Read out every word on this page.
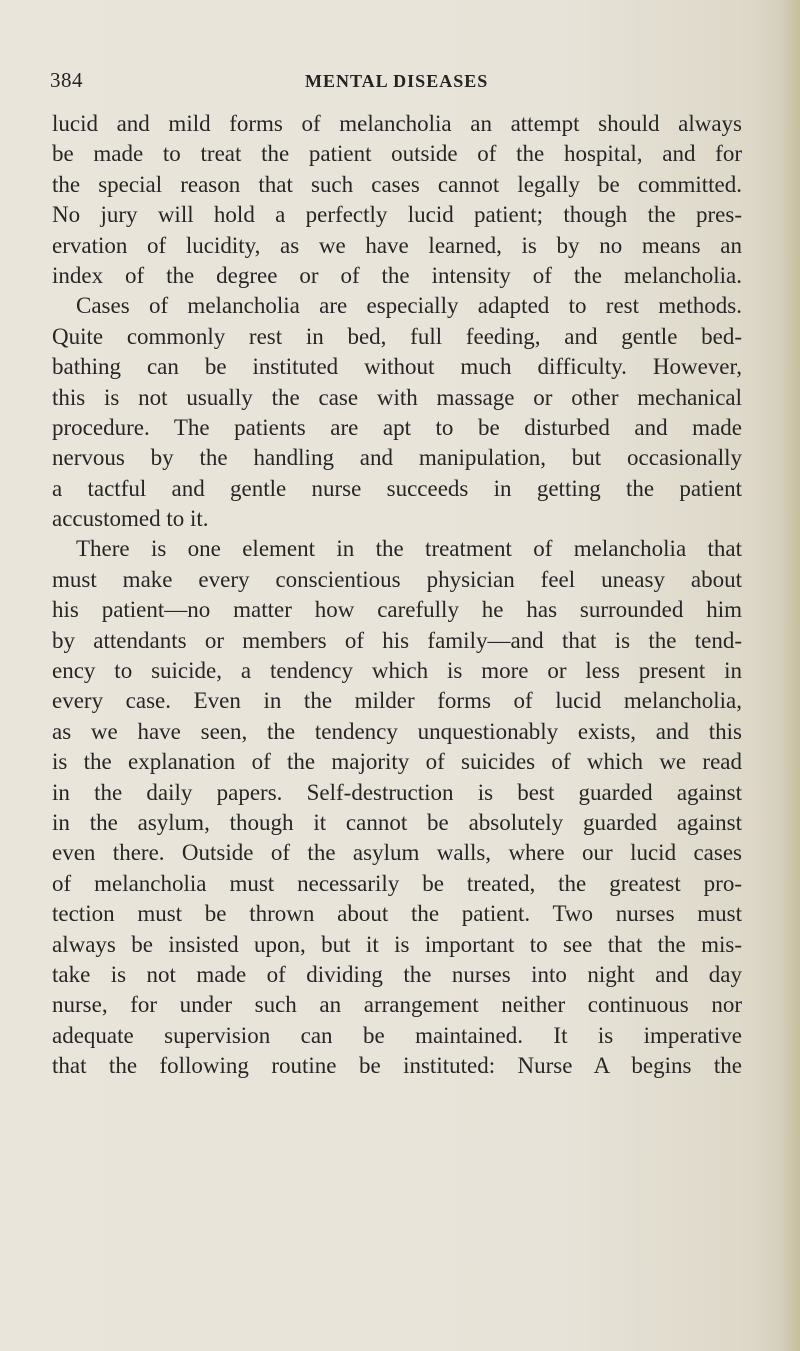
384	MENTAL DISEASES
lucid and mild forms of melancholia an attempt should always
be made to treat the patient outside of the hospital, and for
the special reason that such cases cannot legally be committed.
No jury will hold a perfectly lucid patient; though the pres-
ervation of lucidity, as we have learned, is by no means an
index of the degree or of the intensity of the melancholia.
Cases of melancholia are especially adapted to rest methods.
Quite commonly rest in bed, full feeding, and gentle bed-
bathing can be instituted without much difficulty. However,
this is not usually the case with massage or other mechanical
procedure. The patients are apt to be disturbed and made
nervous by the handling and manipulation, but occasionally
a tactful and gentle nurse succeeds in getting the patient
accustomed to it.
There is one element in the treatment of melancholia that
must make every conscientious physician feel uneasy about
his patient—no matter how carefully he has surrounded him
by attendants or members of his family—and that is the tend-
ency to suicide, a tendency which is more or less present in
every case. Even in the milder forms of lucid melancholia,
as we have seen, the tendency unquestionably exists, and this
is the explanation of the majority of suicides of which we read
in the daily papers. Self-destruction is best guarded against
in the asylum, though it cannot be absolutely guarded against
even there. Outside of the asylum walls, where our lucid cases
of melancholia must necessarily be treated, the greatest pro-
tection must be thrown about the patient. Two nurses must
always be insisted upon, but it is important to see that the mis-
take is not made of dividing the nurses into night and day
nurse, for under such an arrangement neither continuous nor
adequate supervision can be maintained. It is imperative
that the following routine be instituted: Nurse A begins the
